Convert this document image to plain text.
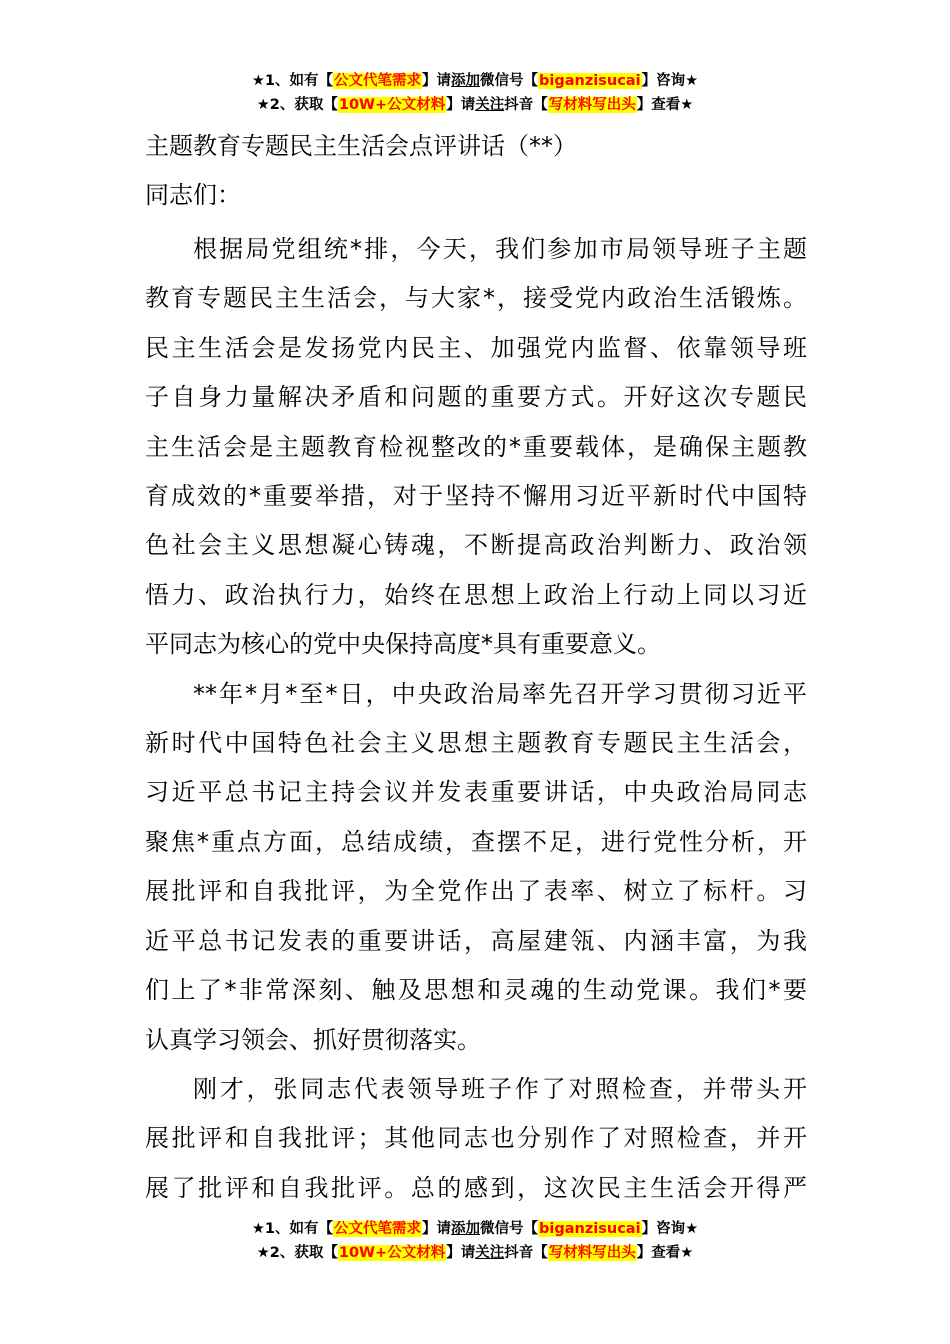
★1、如有【公文代笔需求】请添加微信号【biganzisucai】咨询★
★2、获取【10W+公文材料】请关注抖音【写材料写出头】查看★
主题教育专题民主生活会点评讲话（**）
同志们：
根据局党组统*排，今天，我们参加市局领导班子主题
教育专题民主生活会，与大家*，接受党内政治生活锻炼。
民主生活会是发扬党内民主、加强党内监督、依靠领导班
子自身力量解决矛盾和问题的重要方式。开好这次专题民
主生活会是主题教育检视整改的*重要载体，是确保主题教
育成效的*重要举措，对于坚持不懈用习近平新时代中国特
色社会主义思想凝心铸魂，不断提高政治判断力、政治领
悟力、政治执行力，始终在思想上政治上行动上同以习近
平同志为核心的党中央保持高度*具有重要意义。
**年*月*至*日，中央政治局率先召开学习贯彻习近平
新时代中国特色社会主义思想主题教育专题民主生活会，
习近平总书记主持会议并发表重要讲话，中央政治局同志
聚焦*重点方面，总结成绩，查摆不足，进行党性分析，开
展批评和自我批评，为全党作出了表率、树立了标杆。习
近平总书记发表的重要讲话，高屋建瓴、内涵丰富，为我
们上了*非常深刻、触及思想和灵魂的生动党课。我们*要
认真学习领会、抓好贯彻落实。
刚才，张同志代表领导班子作了对照检查，并带头开
展批评和自我批评；其他同志也分别作了对照检查，并开
展了批评和自我批评。总的感到，这次民主生活会开得严
★1、如有【公文代笔需求】请添加微信号【biganzisucai】咨询★
★2、获取【10W+公文材料】请关注抖音【写材料写出头】查看★
